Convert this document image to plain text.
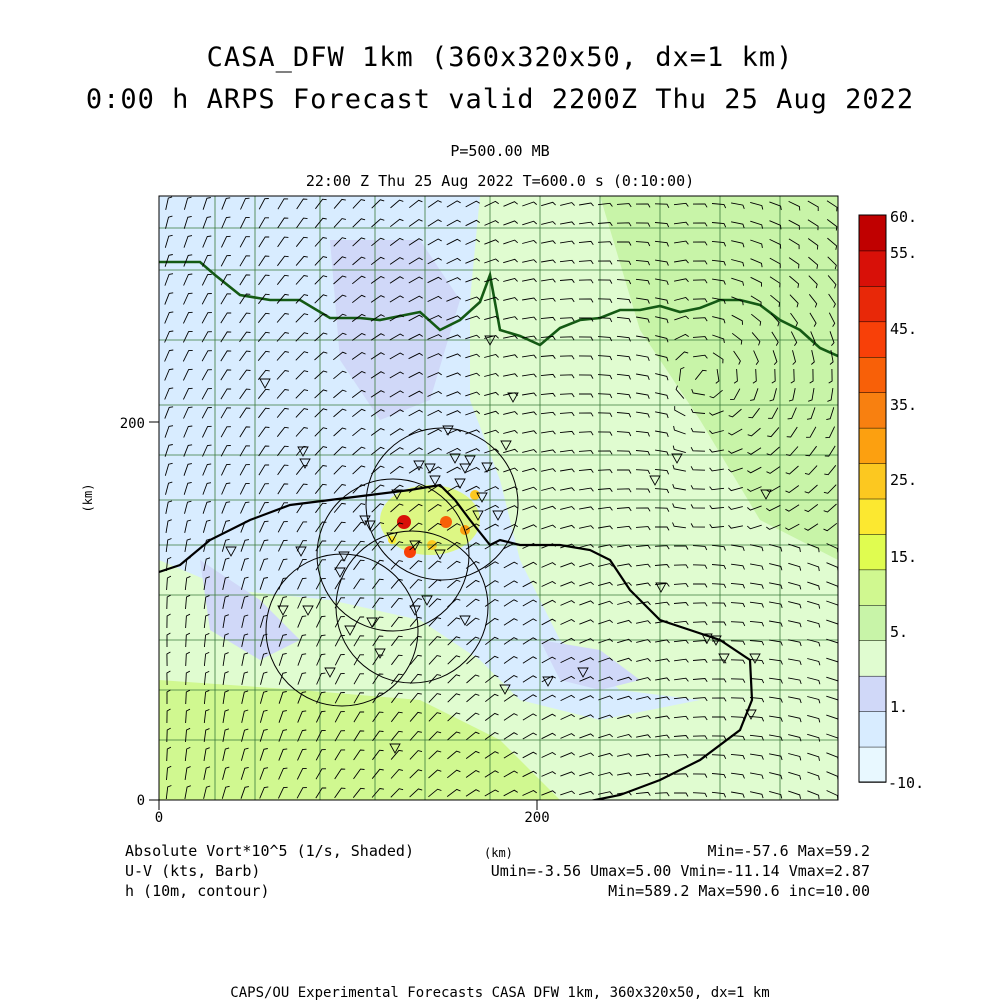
CASA_DFW 1km (360x320x50, dx=1 km)
0:00 h ARPS Forecast valid 2200Z Thu 25 Aug 2022
P=500.00 MB
22:00 Z Thu 25 Aug 2022 T=600.0 s (0:10:00)
200
0
0	200
(km)
60.
55.
45.
35.
25.
15.
5.
1.
-10.
Absolute Vort*10^5 (1/s, Shaded)
U-V (kts, Barb)
h (10m, contour)
(km)	Min=-57.6 Max=59.2
Umin=-3.56 Umax=5.00 Vmin=-11.14 Vmax=2.87
Min=589.2 Max=590.6 inc=10.00
CAPS/OU Experimental Forecasts CASA DFW 1km, 360x320x50, dx=1 km
